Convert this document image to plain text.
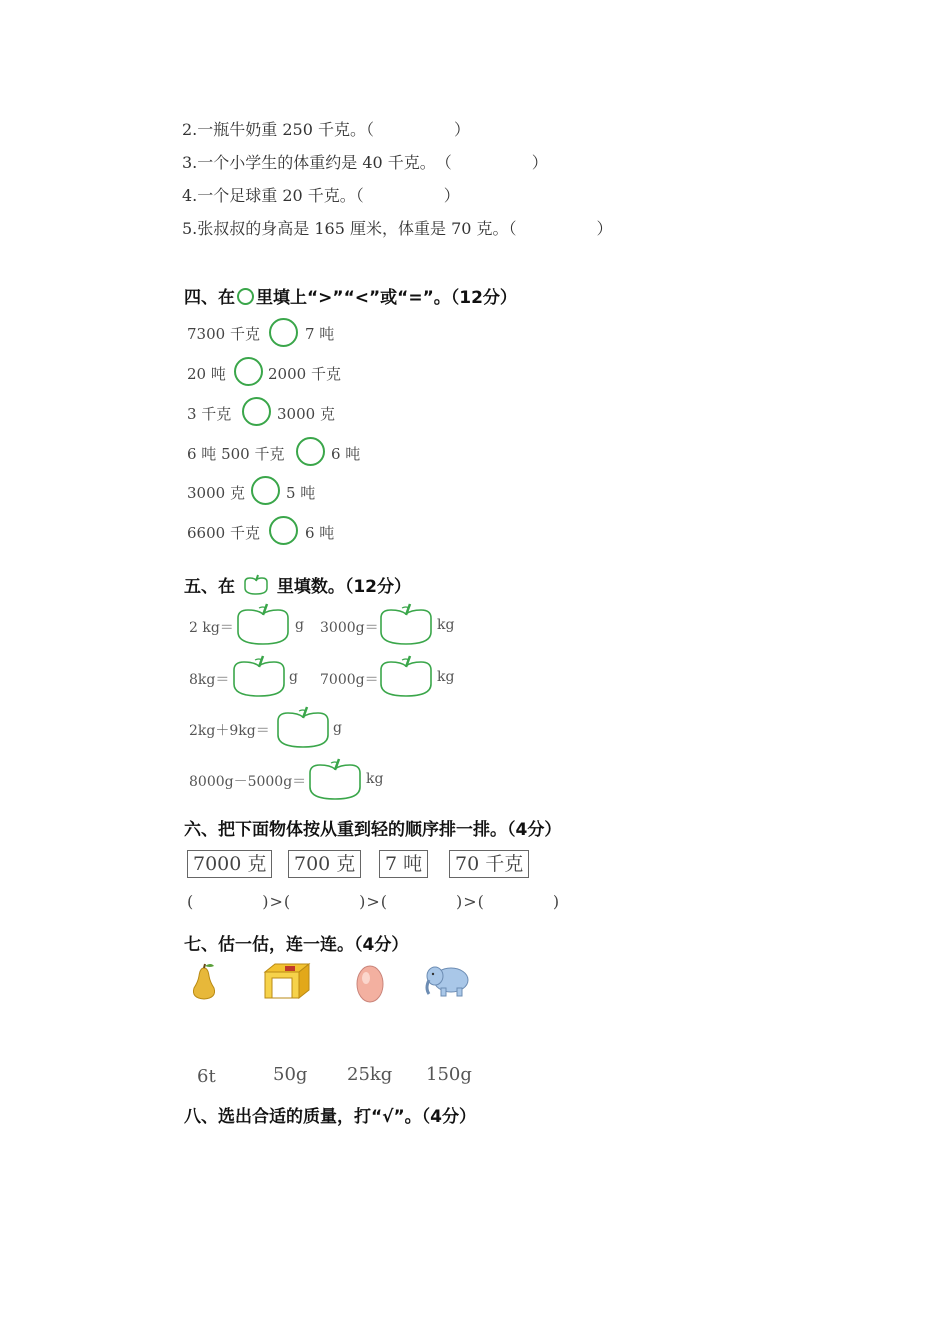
2.一瓶牛奶重 250 千克。（　　　　　）
3.一个小学生的体重约是 40 千克。　（　　　　　）
4.一个足球重 20 千克。（　　　　　）
5.张叔叔的身高是 165 厘米，体重是 70 克。（　　　　　）
四、在 里填上“>”“<”或“=”。（12分）
7300 千克	7 吨
20 吨	2000 千克
3 千克	3000 克
6 吨 500 千克	6 吨
3000 克	5 吨
6600 千克	6 吨
五、在 里填数。（12分）
2 kg＝	g 3000g＝	kg
8kg＝	g 7000g＝	kg
2kg＋9kg＝	g
8000g－5000g＝	kg
六、把下面物体按从重到轻的顺序排一排。（4分）
7000 克	700 克	7 吨	70 千克
(　　　　)>(　　　　)>(　　　　)>(　　　　)
七、估一估，连一连。（4分）
6t	50g 25kg 150g
八、选出合适的质量，打“√”。（4分）
